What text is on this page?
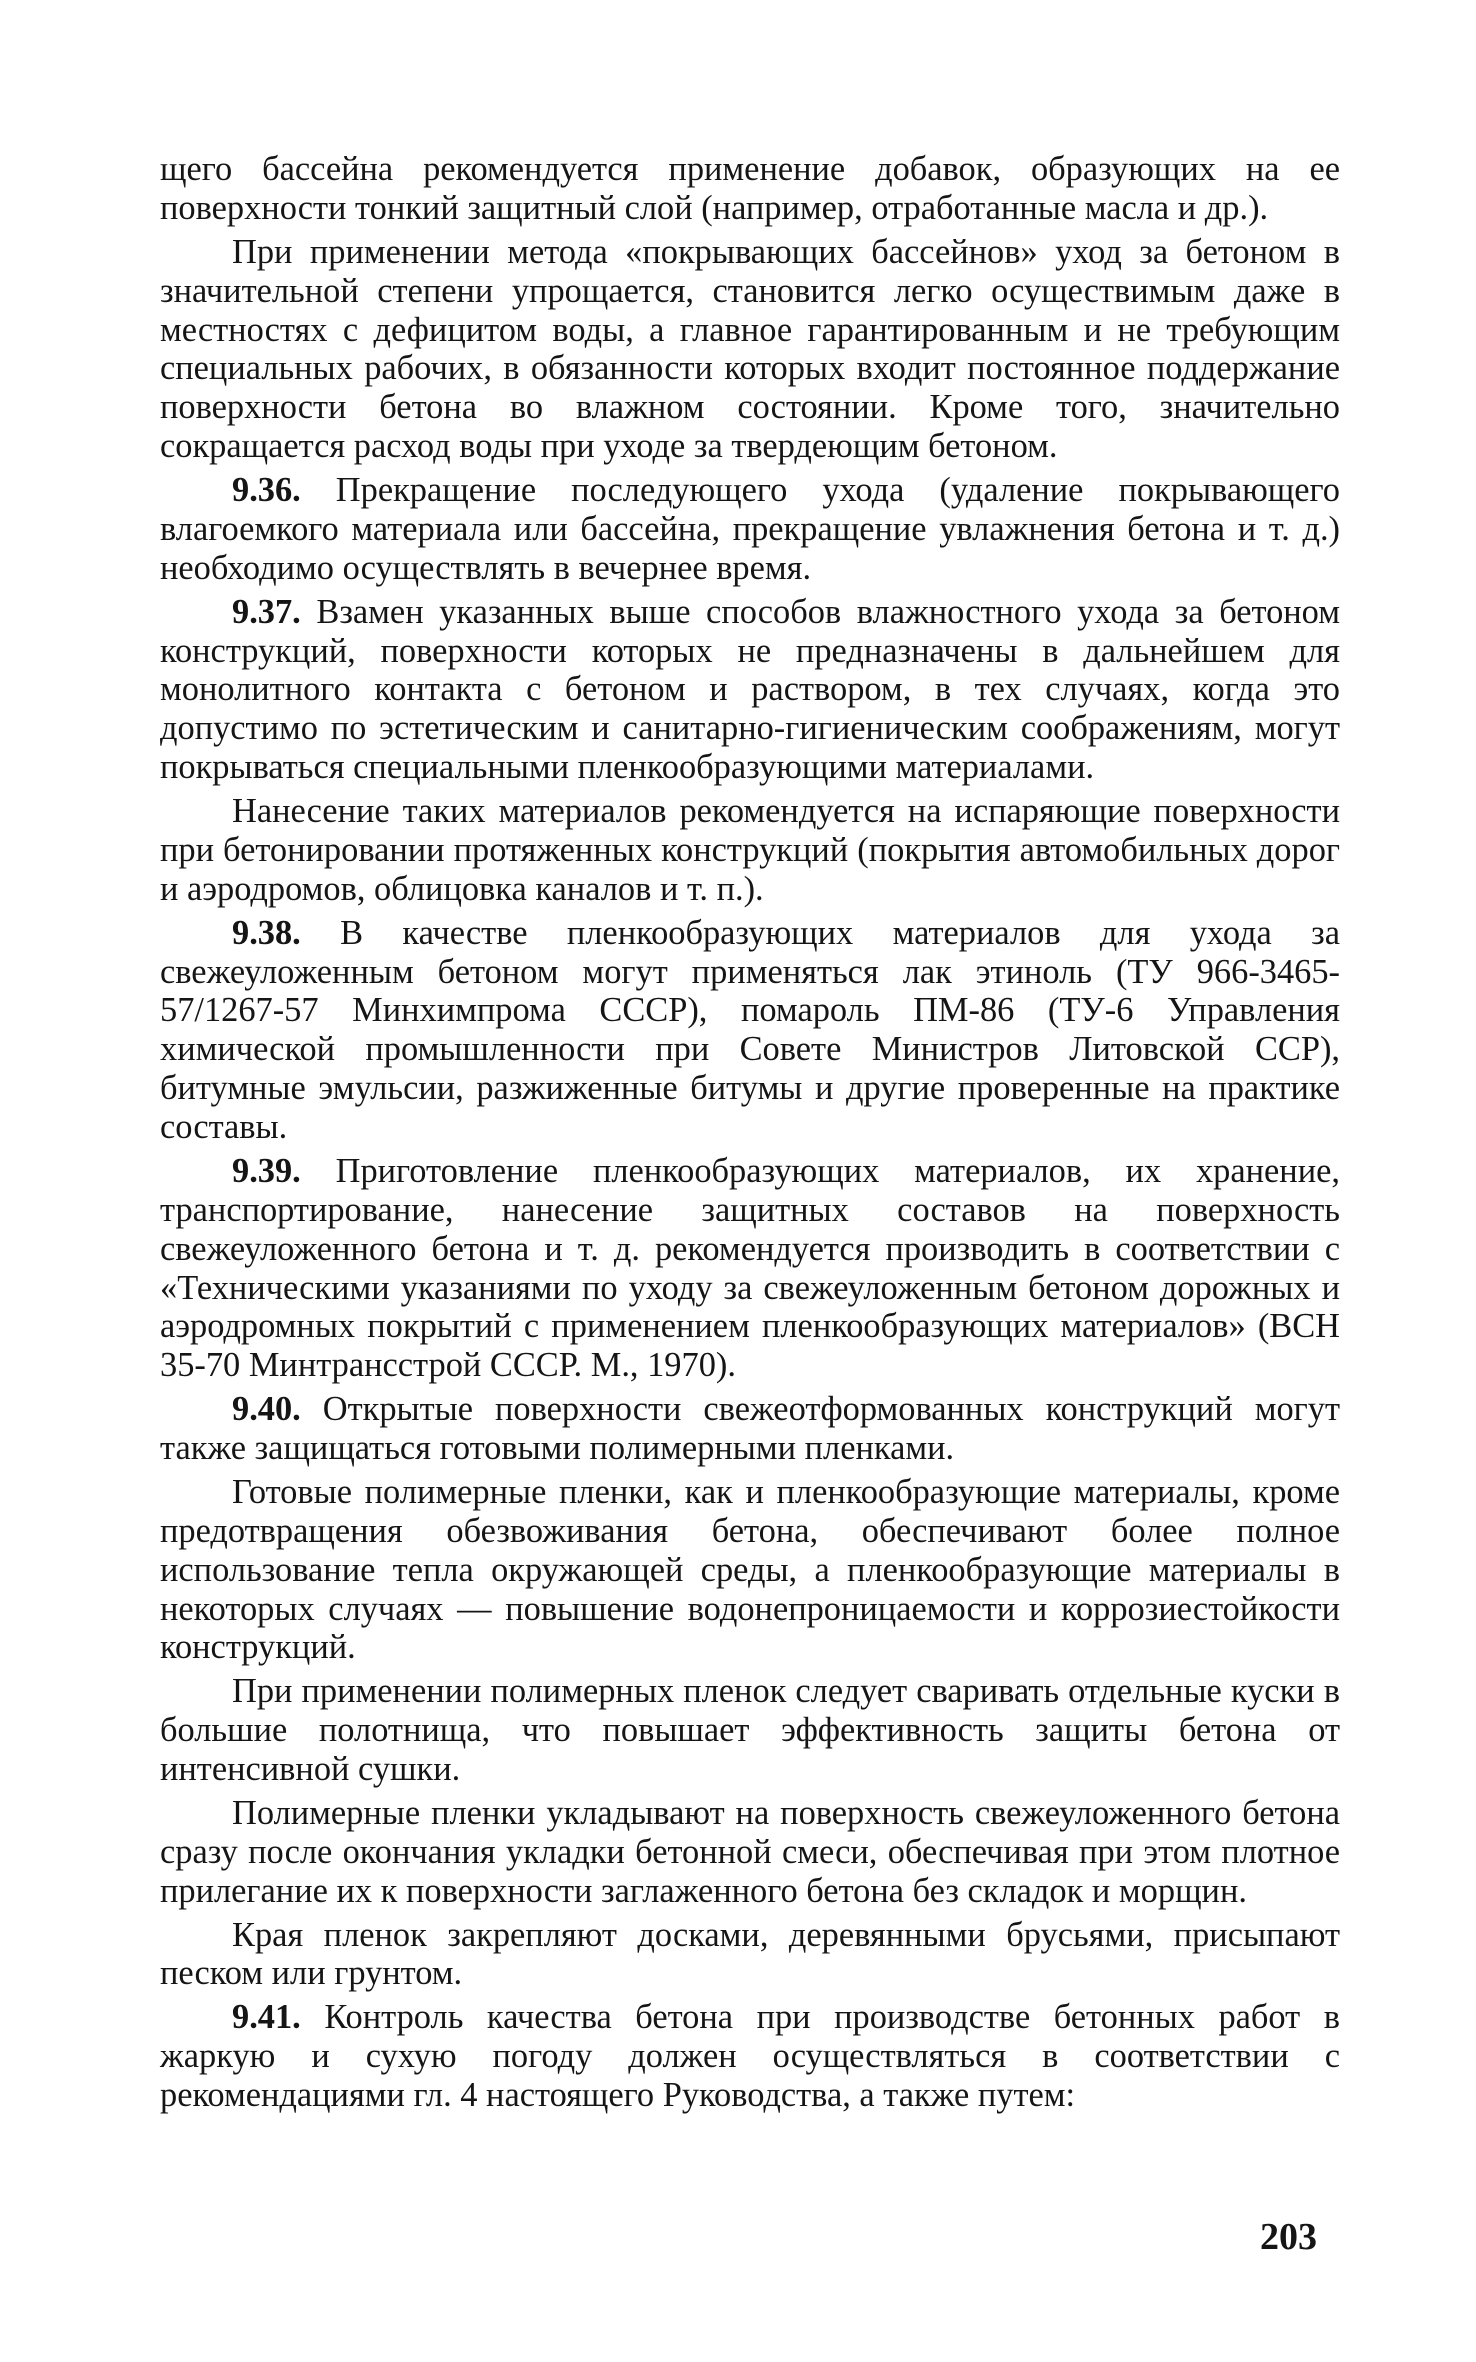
щего бассейна рекомендуется применение добавок, образующих на ее поверхности тонкий защитный слой (например, отработанные масла и др.).

При применении метода «покрывающих бассейнов» уход за бетоном в значительной степени упрощается, становится легко осуществимым даже в местностях с дефицитом воды, а главное гарантированным и не требующим специальных рабочих, в обязанности которых входит постоянное поддержание поверхности бетона во влажном состоянии. Кроме того, значительно сокращается расход воды при уходе за твердеющим бетоном.

9.36. Прекращение последующего ухода (удаление покрывающего влагоемкого материала или бассейна, прекращение увлажнения бетона и т. д.) необходимо осуществлять в вечернее время.

9.37. Взамен указанных выше способов влажностного ухода за бетоном конструкций, поверхности которых не предназначены в дальнейшем для монолитного контакта с бетоном и раствором, в тех случаях, когда это допустимо по эстетическим и санитарно-гигиеническим соображениям, могут покрываться специальными пленкообразующими материалами.

Нанесение таких материалов рекомендуется на испаряющие поверхности при бетонировании протяженных конструкций (покрытия автомобильных дорог и аэродромов, облицовка каналов и т. п.).

9.38. В качестве пленкообразующих материалов для ухода за свежеуложенным бетоном могут применяться лак этиноль (ТУ 966-3465-57/1267-57 Минхимпрома СССР), помароль ПМ-86 (ТУ-6 Управления химической промышленности при Совете Министров Литовской ССР), битумные эмульсии, разжиженные битумы и другие проверенные на практике составы.

9.39. Приготовление пленкообразующих материалов, их хранение, транспортирование, нанесение защитных составов на поверхность свежеуложенного бетона и т. д. рекомендуется производить в соответствии с «Техническими указаниями по уходу за свежеуложенным бетоном дорожных и аэродромных покрытий с применением пленкообразующих материалов» (ВСН 35-70 Минтрансстрой СССР. М., 1970).

9.40. Открытые поверхности свежеотформованных конструкций могут также защищаться готовыми полимерными пленками.

Готовые полимерные пленки, как и пленкообразующие материалы, кроме предотвращения обезвоживания бетона, обеспечивают более полное использование тепла окружающей среды, а пленкообразующие материалы в некоторых случаях — повышение водонепроницаемости и коррозиестойкости конструкций.

При применении полимерных пленок следует сваривать отдельные куски в большие полотнища, что повышает эффективность защиты бетона от интенсивной сушки.

Полимерные пленки укладывают на поверхность свежеуложенного бетона сразу после окончания укладки бетонной смеси, обеспечивая при этом плотное прилегание их к поверхности заглаженного бетона без складок и морщин.

Края пленок закрепляют досками, деревянными брусьями, присыпают песком или грунтом.

9.41. Контроль качества бетона при производстве бетонных работ в жаркую и сухую погоду должен осуществляться в соответствии с рекомендациями гл. 4 настоящего Руководства, а также путем:

203
